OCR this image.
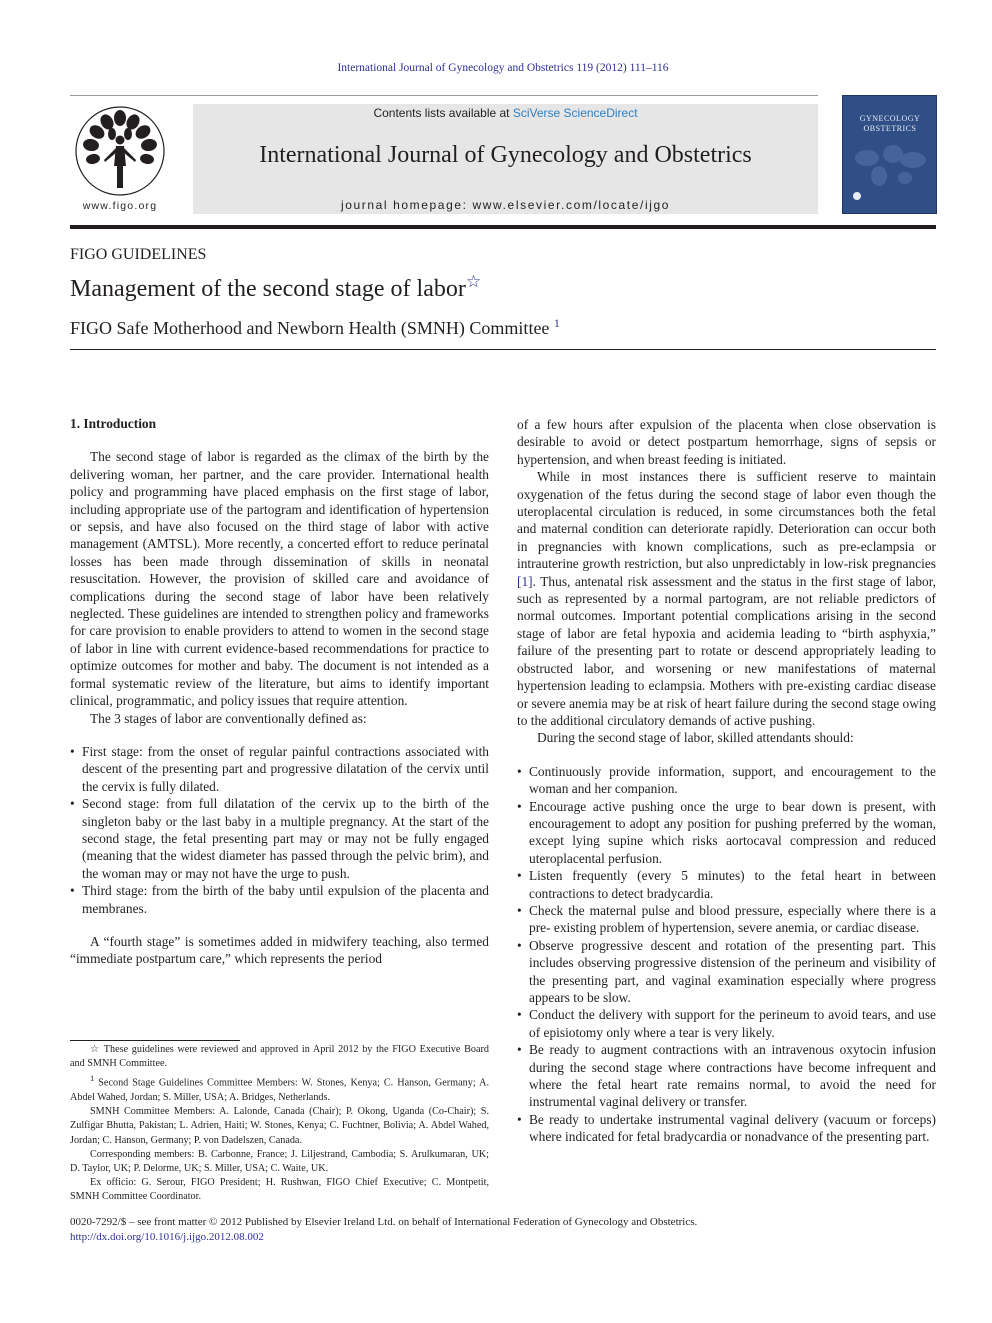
International Journal of Gynecology and Obstetrics 119 (2012) 111–116
www.figo.org
Contents lists available at SciVerse ScienceDirect
International Journal of Gynecology and Obstetrics
journal homepage: www.elsevier.com/locate/ijgo
GYNECOLOGY OBSTETRICS
FIGO GUIDELINES
Management of the second stage of labor☆
FIGO Safe Motherhood and Newborn Health (SMNH) Committee $^1$
1. Introduction

The second stage of labor is regarded as the climax of the birth by the delivering woman, her partner, and the care provider. International health policy and programming have placed emphasis on the first stage of labor, including appropriate use of the partogram and identification of hypertension or sepsis, and have also focused on the third stage of labor with active management (AMTSL). More recently, a concerted effort to reduce perinatal losses has been made through dissemination of skills in neonatal resuscitation. However, the provision of skilled care and avoidance of complications during the second stage of labor have been relatively neglected. These guidelines are intended to strengthen policy and frameworks for care provision to enable providers to attend to women in the second stage of labor in line with current evidence-based recommendations for practice to optimize outcomes for mother and baby. The document is not intended as a formal systematic review of the literature, but aims to identify important clinical, programmatic, and policy issues that require attention.

The 3 stages of labor are conventionally defined as:

• First stage: from the onset of regular painful contractions associated with descent of the presenting part and progressive dilatation of the cervix until the cervix is fully dilated.
• Second stage: from full dilatation of the cervix up to the birth of the singleton baby or the last baby in a multiple pregnancy. At the start of the second stage, the fetal presenting part may or may not be fully engaged (meaning that the widest diameter has passed through the pelvic brim), and the woman may or may not have the urge to push.
• Third stage: from the birth of the baby until expulsion of the placenta and membranes.

A “fourth stage” is sometimes added in midwifery teaching, also termed “immediate postpartum care,” which represents the period

☆ These guidelines were reviewed and approved in April 2012 by the FIGO Executive Board and SMNH Committee.

$^1$ Second Stage Guidelines Committee Members: W. Stones, Kenya; C. Hanson, Germany; A. Abdel Wahed, Jordan; S. Miller, USA; A. Bridges, Netherlands.

SMNH Committee Members: A. Lalonde, Canada (Chair); P. Okong, Uganda (Co-Chair); S. Zulfigar Bhutta, Pakistan; L. Adrien, Haiti; W. Stones, Kenya; C. Fuchtner, Bolivia; A. Abdel Wahed, Jordan; C. Hanson, Germany; P. von Dadelszen, Canada.

Corresponding members: B. Carbonne, France; J. Liljestrand, Cambodia; S. Arulkumaran, UK; D. Taylor, UK; P. Delorme, UK; S. Miller, USA; C. Waite, UK.

Ex officio: G. Serour, FIGO President; H. Rushwan, FIGO Chief Executive; C. Montpetit, SMNH Committee Coordinator.

of a few hours after expulsion of the placenta when close observation is desirable to avoid or detect postpartum hemorrhage, signs of sepsis or hypertension, and when breast feeding is initiated.

While in most instances there is sufficient reserve to maintain oxygenation of the fetus during the second stage of labor even though the uteroplacental circulation is reduced, in some circumstances both the fetal and maternal condition can deteriorate rapidly. Deterioration can occur both in pregnancies with known complications, such as pre-eclampsia or intrauterine growth restriction, but also unpredictably in low-risk pregnancies [1]. Thus, antenatal risk assessment and the status in the first stage of labor, such as represented by a normal partogram, are not reliable predictors of normal outcomes. Important potential complications arising in the second stage of labor are fetal hypoxia and acidemia leading to “birth asphyxia,” failure of the presenting part to rotate or descend appropriately leading to obstructed labor, and worsening or new manifestations of maternal hypertension leading to eclampsia. Mothers with pre-existing cardiac disease or severe anemia may be at risk of heart failure during the second stage owing to the additional circulatory demands of active pushing.

During the second stage of labor, skilled attendants should:

• Continuously provide information, support, and encouragement to the woman and her companion.
• Encourage active pushing once the urge to bear down is present, with encouragement to adopt any position for pushing preferred by the woman, except lying supine which risks aortocaval compression and reduced uteroplacental perfusion.
• Listen frequently (every 5 minutes) to the fetal heart in between contractions to detect bradycardia.
• Check the maternal pulse and blood pressure, especially where there is a pre- existing problem of hypertension, severe anemia, or cardiac disease.
• Observe progressive descent and rotation of the presenting part. This includes observing progressive distension of the perineum and visibility of the presenting part, and vaginal examination especially where progress appears to be slow.
• Conduct the delivery with support for the perineum to avoid tears, and use of episiotomy only where a tear is very likely.
• Be ready to augment contractions with an intravenous oxytocin infusion during the second stage where contractions have become infrequent and where the fetal heart rate remains normal, to avoid the need for instrumental vaginal delivery or transfer.
• Be ready to undertake instrumental vaginal delivery (vacuum or forceps) where indicated for fetal bradycardia or nonadvance of the presenting part.
0020-7292/$ – see front matter © 2012 Published by Elsevier Ireland Ltd. on behalf of International Federation of Gynecology and Obstetrics.
http://dx.doi.org/10.1016/j.ijgo.2012.08.002
